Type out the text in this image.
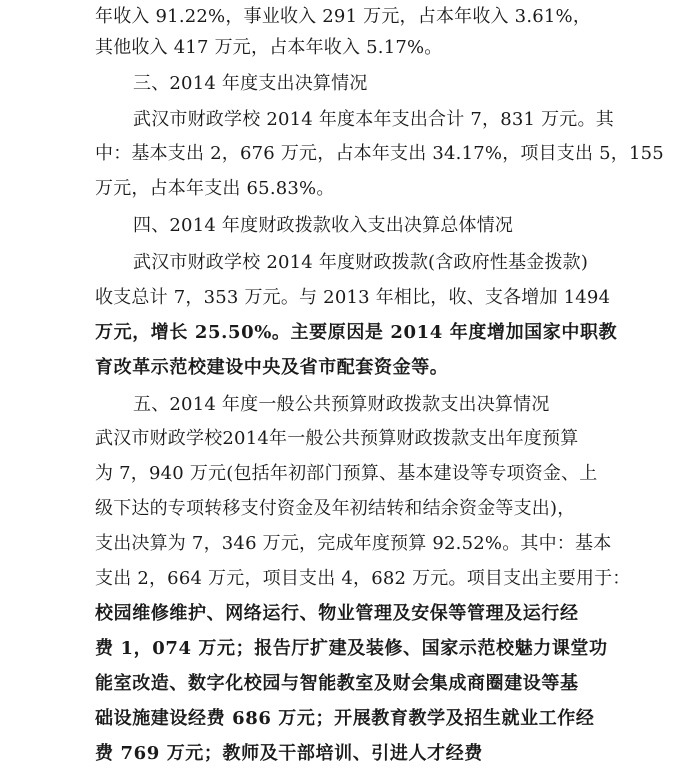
年收入 91.22%，事业收入 291 万元，占本年收入 3.61%，
其他收入 417 万元，占本年收入 5.17%。
三、2014 年度支出决算情况
武汉市财政学校 2014 年度本年支出合计 7，831 万元。其
中：基本支出 2，676 万元，占本年支出 34.17%，项目支出 5，155
万元，占本年支出 65.83%。
四、2014 年度财政拨款收入支出决算总体情况
武汉市财政学校 2014 年度财政拨款(含政府性基金拨款)
收支总计 7，353 万元。与 2013 年相比，收、支各增加 1494
万元，增长 25.50%。主要原因是 2014 年度增加国家中职教
育改革示范校建设中央及省市配套资金等。
五、2014 年度一般公共预算财政拨款支出决算情况
武汉市财政学校2014年一般公共预算财政拨款支出年度预算
为 7，940 万元(包括年初部门预算、基本建设等专项资金、上
级下达的专项转移支付资金及年初结转和结余资金等支出)，
支出决算为 7，346 万元，完成年度预算 92.52%。其中：基本
支出 2，664 万元，项目支出 4，682 万元。项目支出主要用于：
校园维修维护、网络运行、物业管理及安保等管理及运行经
费 1，074 万元；报告厅扩建及装修、国家示范校魅力课堂功
能室改造、数字化校园与智能教室及财会集成商圈建设等基
础设施建设经费 686 万元；开展教育教学及招生就业工作经
费 769 万元；教师及干部培训、引进人才经费
